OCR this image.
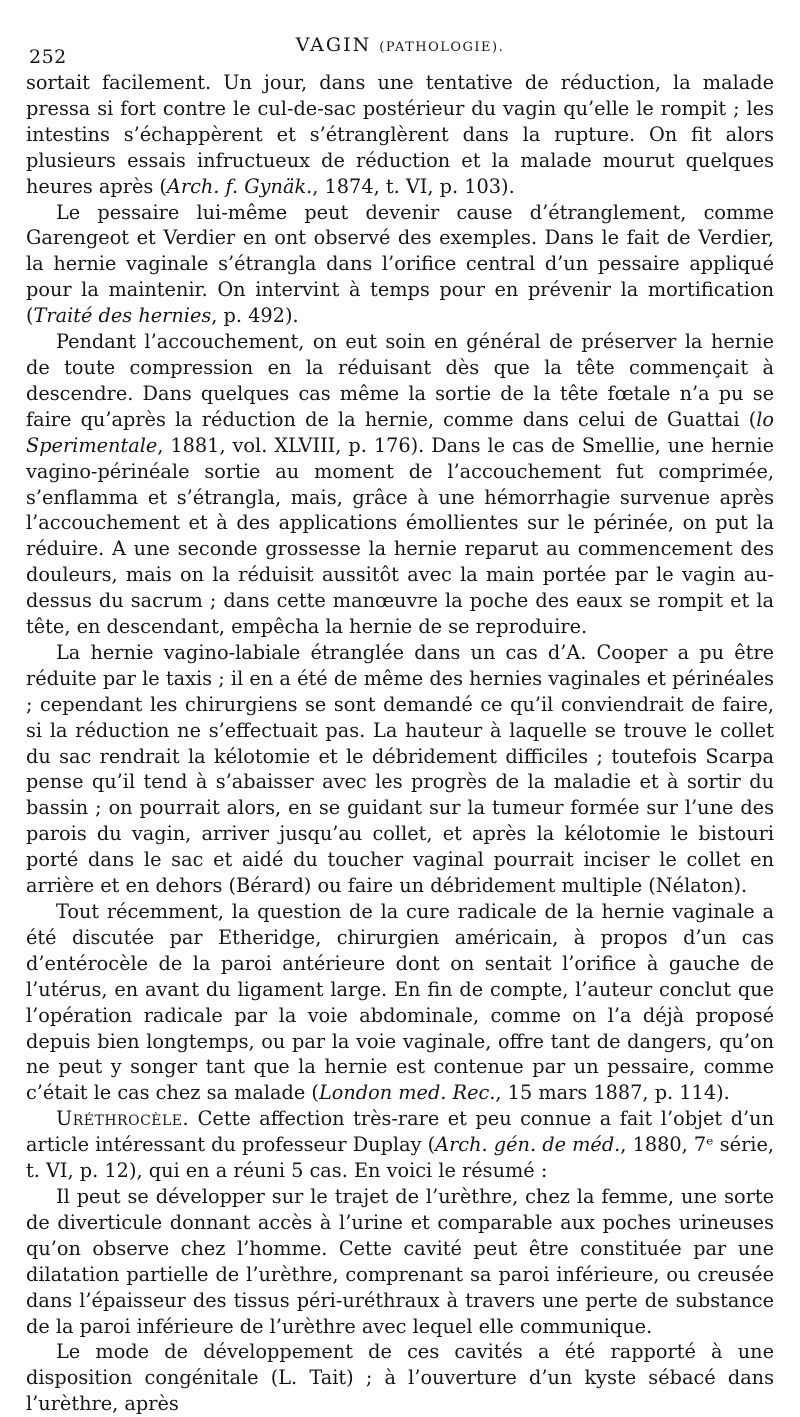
252
VAGIN (PATHOLOGIE).

sortait facilement. Un jour, dans une tentative de réduction, la malade pressa si fort contre le cul-de-sac postérieur du vagin qu’elle le rompit ; les intestins s’échappèrent et s’étranglèrent dans la rupture. On fit alors plusieurs essais infructueux de réduction et la malade mourut quelques heures après (Arch. f. Gynäk., 1874, t. VI, p. 103).

Le pessaire lui-même peut devenir cause d’étranglement, comme Garengeot et Verdier en ont observé des exemples. Dans le fait de Verdier, la hernie vaginale s’étrangla dans l’orifice central d’un pessaire appliqué pour la maintenir. On intervint à temps pour en prévenir la mortification (Traité des hernies, p. 492).

Pendant l’accouchement, on eut soin en général de préserver la hernie de toute compression en la réduisant dès que la tête commençait à descendre. Dans quelques cas même la sortie de la tête fœtale n’a pu se faire qu’après la réduction de la hernie, comme dans celui de Guattai (lo Sperimentale, 1881, vol. XLVIII, p. 176). Dans le cas de Smellie, une hernie vagino-périnéale sortie au moment de l’accouchement fut comprimée, s’enflamma et s’étrangla, mais, grâce à une hémorrhagie survenue après l’accouchement et à des applications émollientes sur le périnée, on put la réduire. A une seconde grossesse la hernie reparut au commencement des douleurs, mais on la réduisit aussitôt avec la main portée par le vagin au-dessus du sacrum ; dans cette manœuvre la poche des eaux se rompit et la tête, en descendant, empêcha la hernie de se reproduire.

La hernie vagino-labiale étranglée dans un cas d’A. Cooper a pu être réduite par le taxis ; il en a été de même des hernies vaginales et périnéales ; cependant les chirurgiens se sont demandé ce qu’il conviendrait de faire, si la réduction ne s’effectuait pas. La hauteur à laquelle se trouve le collet du sac rendrait la kélotomie et le débridement difficiles ; toutefois Scarpa pense qu’il tend à s’abaisser avec les progrès de la maladie et à sortir du bassin ; on pourrait alors, en se guidant sur la tumeur formée sur l’une des parois du vagin, arriver jusqu’au collet, et après la kélotomie le bistouri porté dans le sac et aidé du toucher vaginal pourrait inciser le collet en arrière et en dehors (Bérard) ou faire un débridement multiple (Nélaton).

Tout récemment, la question de la cure radicale de la hernie vaginale a été discutée par Etheridge, chirurgien américain, à propos d’un cas d’entérocèle de la paroi antérieure dont on sentait l’orifice à gauche de l’utérus, en avant du ligament large. En fin de compte, l’auteur conclut que l’opération radicale par la voie abdominale, comme on l’a déjà proposé depuis bien longtemps, ou par la voie vaginale, offre tant de dangers, qu’on ne peut y songer tant que la hernie est contenue par un pessaire, comme c’était le cas chez sa malade (London med. Rec., 15 mars 1887, p. 114).

Uréthrocèle. Cette affection très-rare et peu connue a fait l’objet d’un article intéressant du professeur Duplay (Arch. gén. de méd., 1880, 7ᵉ série, t. VI, p. 12), qui en a réuni 5 cas. En voici le résumé :

Il peut se développer sur le trajet de l’urèthre, chez la femme, une sorte de diverticule donnant accès à l’urine et comparable aux poches urineuses qu’on observe chez l’homme. Cette cavité peut être constituée par une dilatation partielle de l’urèthre, comprenant sa paroi inférieure, ou creusée dans l’épaisseur des tissus péri-uréthraux à travers une perte de substance de la paroi inférieure de l’urèthre avec lequel elle communique.

Le mode de développement de ces cavités a été rapporté à une disposition congénitale (L. Tait) ; à l’ouverture d’un kyste sébacé dans l’urèthre, après
